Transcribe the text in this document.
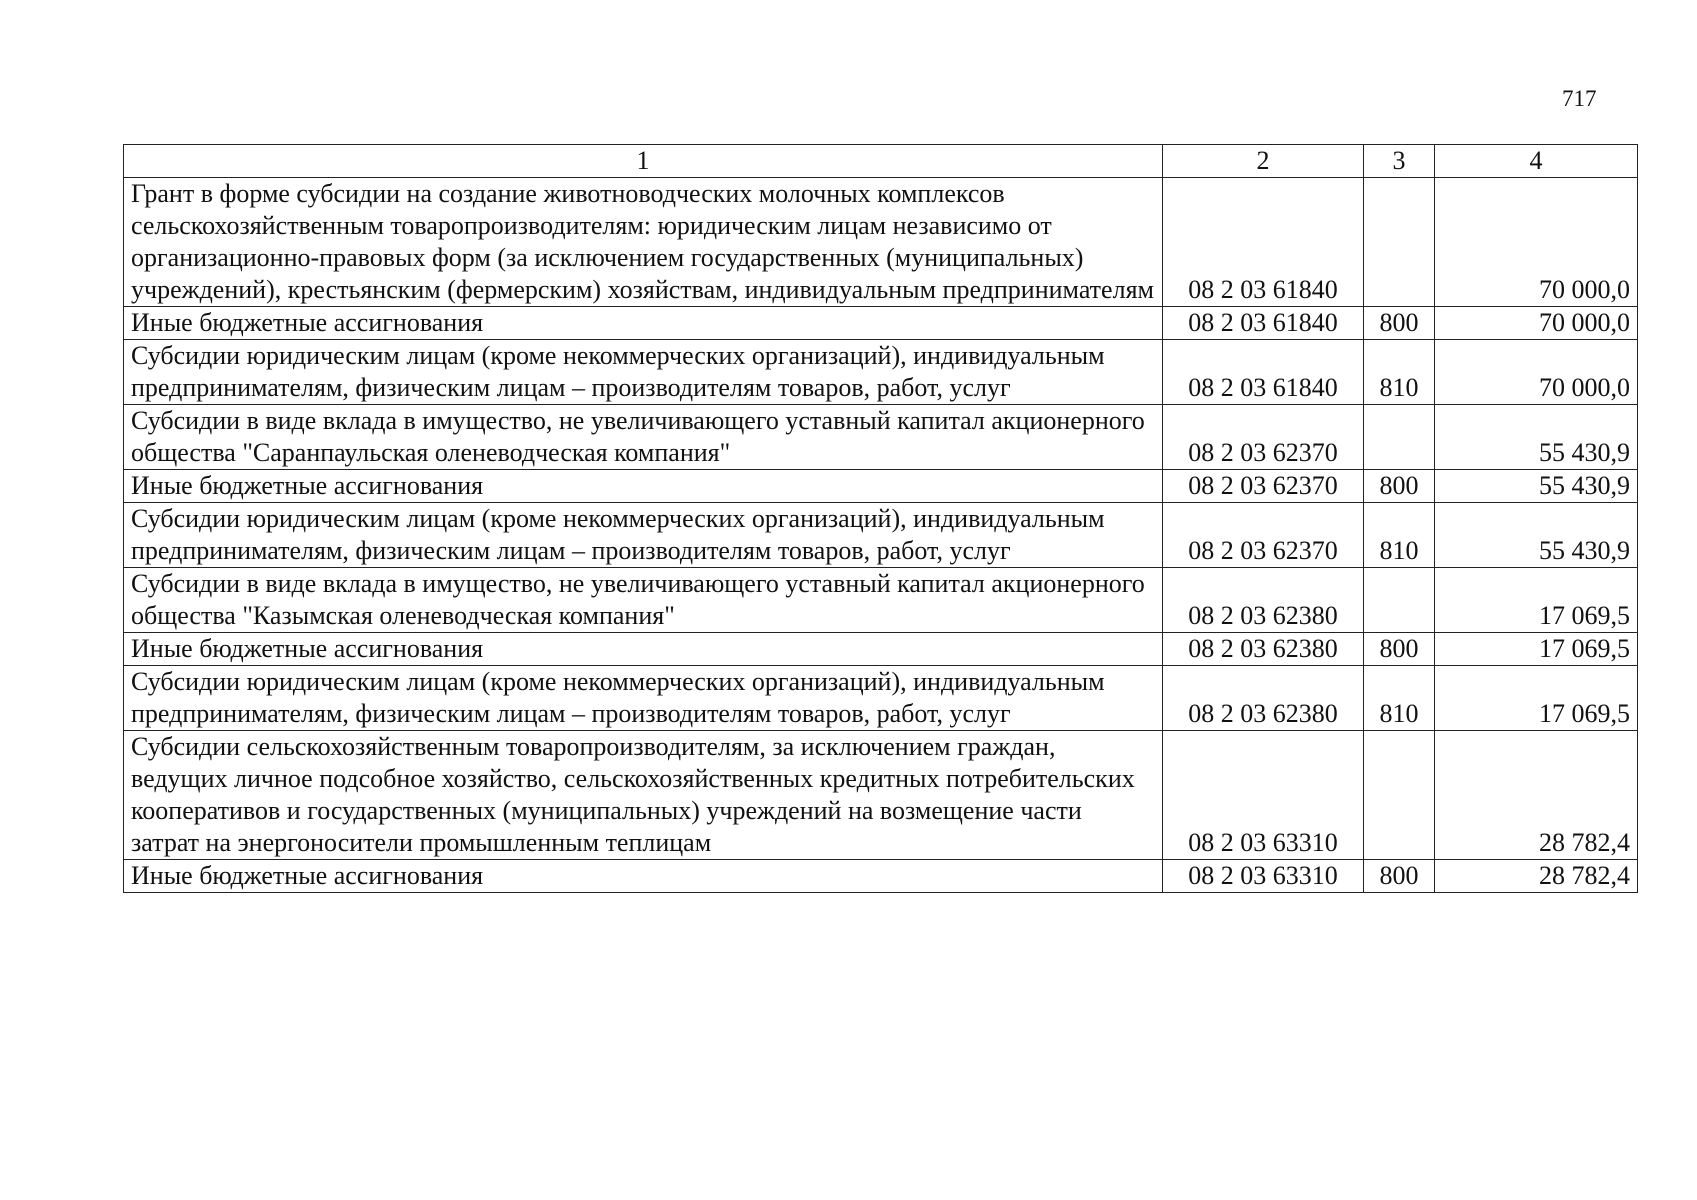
717
1	2	3	4
Грант в форме субсидии на создание животноводческих молочных комплексов сельскохозяйственным товаропроизводителям: юридическим лицам независимо от организационно-правовых форм (за исключением государственных (муниципальных) учреждений), крестьянским (фермерским) хозяйствам, индивидуальным предпринимателям	08 2 03 61840		70 000,0
Иные бюджетные ассигнования	08 2 03 61840	800	70 000,0
Субсидии юридическим лицам (кроме некоммерческих организаций), индивидуальным предпринимателям, физическим лицам – производителям товаров, работ, услуг	08 2 03 61840	810	70 000,0
Субсидии в виде вклада в имущество, не увеличивающего уставный капитал акционерного общества "Саранпаульская оленеводческая компания"	08 2 03 62370		55 430,9
Иные бюджетные ассигнования	08 2 03 62370	800	55 430,9
Субсидии юридическим лицам (кроме некоммерческих организаций), индивидуальным предпринимателям, физическим лицам – производителям товаров, работ, услуг	08 2 03 62370	810	55 430,9
Субсидии в виде вклада в имущество, не увеличивающего уставный капитал акционерного общества "Казымская оленеводческая компания"	08 2 03 62380		17 069,5
Иные бюджетные ассигнования	08 2 03 62380	800	17 069,5
Субсидии юридическим лицам (кроме некоммерческих организаций), индивидуальным предпринимателям, физическим лицам – производителям товаров, работ, услуг	08 2 03 62380	810	17 069,5
Субсидии сельскохозяйственным товаропроизводителям, за исключением граждан, ведущих личное подсобное хозяйство, сельскохозяйственных кредитных потребительских кооперативов и государственных (муниципальных) учреждений на возмещение части затрат на энергоносители промышленным теплицам	08 2 03 63310		28 782,4
Иные бюджетные ассигнования	08 2 03 63310	800	28 782,4
